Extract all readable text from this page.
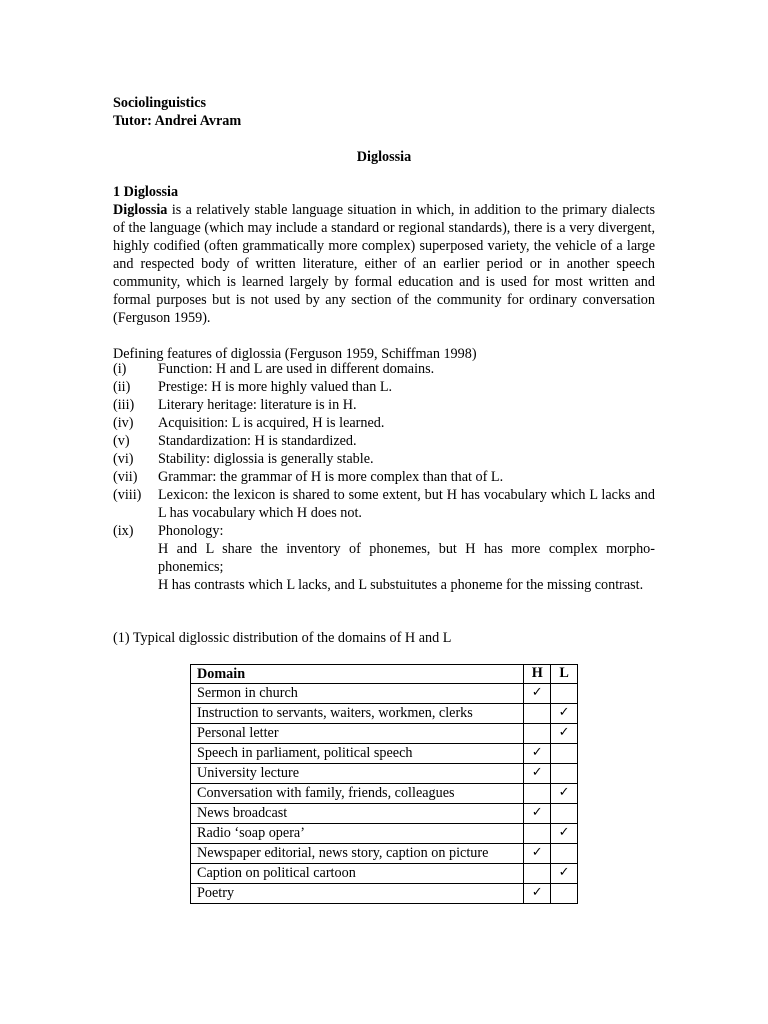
Sociolinguistics
Tutor: Andrei Avram
Diglossia
1 Diglossia
Diglossia is a relatively stable language situation in which, in addition to the primary dialects of the language (which may include a standard or regional standards), there is a very divergent, highly codified (often grammatically more complex) superposed variety, the vehicle of a large and respected body of written literature, either of an earlier period or in another speech community, which is learned largely by formal education and is used for most written and formal purposes but is not used by any section of the community for ordinary conversation (Ferguson 1959).
Defining features of diglossia (Ferguson 1959, Schiffman 1998)
(i)	Function: H and L are used in different domains.

(ii)	Prestige: H is more highly valued than L.

(iii)	Literary heritage: literature is in H.

(iv)	Acquisition: L is acquired, H is learned.

(v)	Standardization: H is standardized.

(vi)	Stability: diglossia is generally stable.

(vii)	Grammar: the grammar of H is more complex than that of L.

(viii)	Lexicon: the lexicon is shared to some extent, but H has vocabulary which L lacks and L has vocabulary which H does not.

(ix)	Phonology:

H and L share the inventory of phonemes, but H has more complex morpho-phonemics;

H has contrasts which L lacks, and L substuitutes a phoneme for the missing contrast.

(1) Typical diglossic distribution of the domains of H and L
Domain	H	L
Sermon in church	✓	
Instruction to servants, waiters, workmen, clerks		✓
Personal letter		✓
Speech in parliament, political speech	✓	
University lecture	✓	
Conversation with family, friends, colleagues		✓
News broadcast	✓	
Radio ‘soap opera’		✓
Newspaper editorial, news story, caption on picture	✓	
Caption on political cartoon		✓
Poetry	✓	
